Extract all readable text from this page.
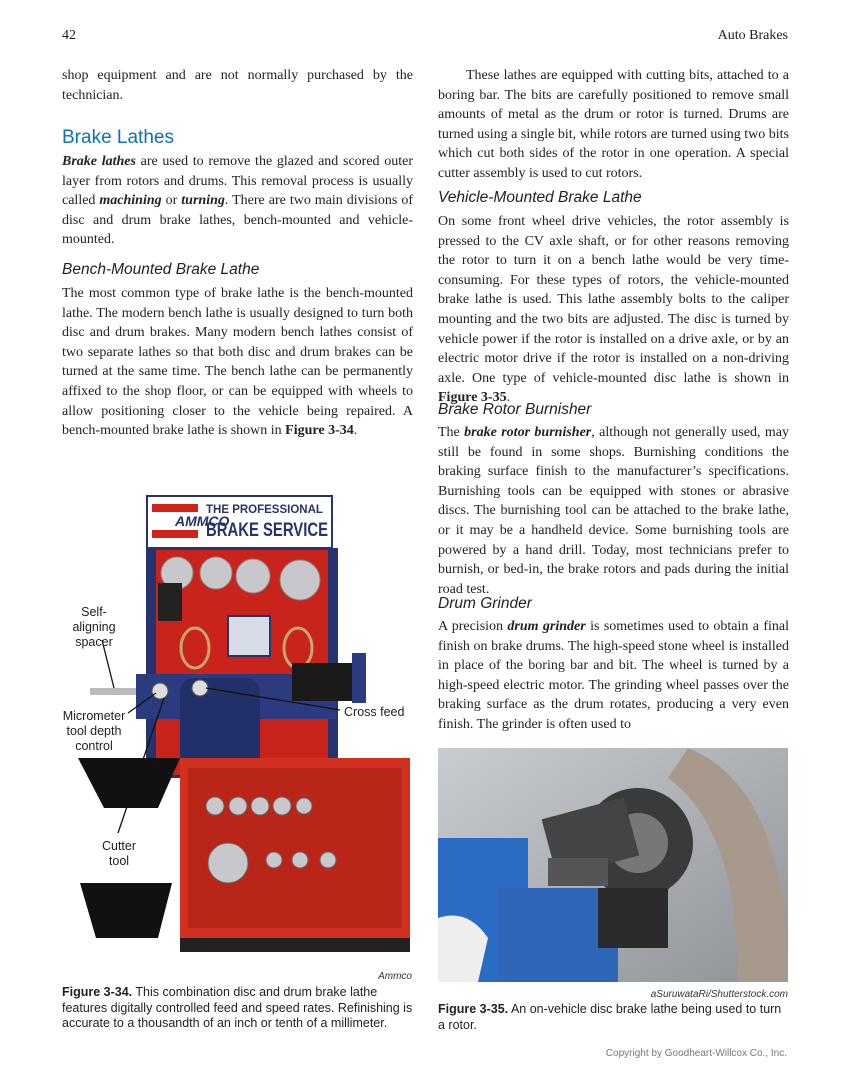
42	Auto Brakes

shop equipment and are not normally purchased by the technician.

Brake Lathes

Brake lathes are used to remove the glazed and scored outer layer from rotors and drums. This removal process is usually called machining or turning. There are two main divisions of disc and drum brake lathes, bench-mounted and vehicle-mounted.

Bench-Mounted Brake Lathe

The most common type of brake lathe is the bench-mounted lathe. The modern bench lathe is usually designed to turn both disc and drum brakes. Many modern bench lathes consist of two separate lathes so that both disc and drum brakes can be turned at the same time. The bench lathe can be permanently affixed to the shop floor, or can be equipped with wheels to allow positioning closer to the vehicle being repaired. A bench-mounted brake lathe is shown in Figure 3-34.

AMMCO
THE PROFESSIONAL
BRAKE SERVICE
Self-aligning spacer
Micrometer tool depth control
Cross feed
Cutter tool
Ammco
Figure 3-34. This combination disc and drum brake lathe features digitally controlled feed and speed rates. Refinishing is accurate to a thousandth of an inch or tenth of a millimeter.

These lathes are equipped with cutting bits, attached to a boring bar. The bits are carefully positioned to remove small amounts of metal as the drum or rotor is turned. Drums are turned using a single bit, while rotors are turned using two bits which cut both sides of the rotor in one operation. A special cutter assembly is used to cut rotors.

Vehicle-Mounted Brake Lathe

On some front wheel drive vehicles, the rotor assembly is pressed to the CV axle shaft, or for other reasons removing the rotor to turn it on a bench lathe would be very time-consuming. For these types of rotors, the vehicle-mounted brake lathe is used. This lathe assembly bolts to the caliper mounting and the two bits are adjusted. The disc is turned by vehicle power if the rotor is installed on a drive axle, or by an electric motor drive if the rotor is installed on a non-driving axle. One type of vehicle-mounted disc lathe is shown in Figure 3-35.

Brake Rotor Burnisher

The brake rotor burnisher, although not generally used, may still be found in some shops. Burnishing conditions the braking surface finish to the manufacturer’s specifications. Burnishing tools can be equipped with stones or abrasive discs. The burnishing tool can be attached to the brake lathe, or it may be a handheld device. Some burnishing tools are powered by a hand drill. Today, most technicians prefer to burnish, or bed-in, the brake rotors and pads during the initial road test.

Drum Grinder

A precision drum grinder is sometimes used to obtain a final finish on brake drums. The high-speed stone wheel is installed in place of the boring bar and bit. The wheel is turned by a high-speed electric motor. The grinding wheel passes over the braking surface as the drum rotates, producing a very even finish. The grinder is often used to

aSuruwataRi/Shutterstock.com
Figure 3-35. An on-vehicle disc brake lathe being used to turn a rotor.
Copyright by Goodheart-Willcox Co., Inc.
